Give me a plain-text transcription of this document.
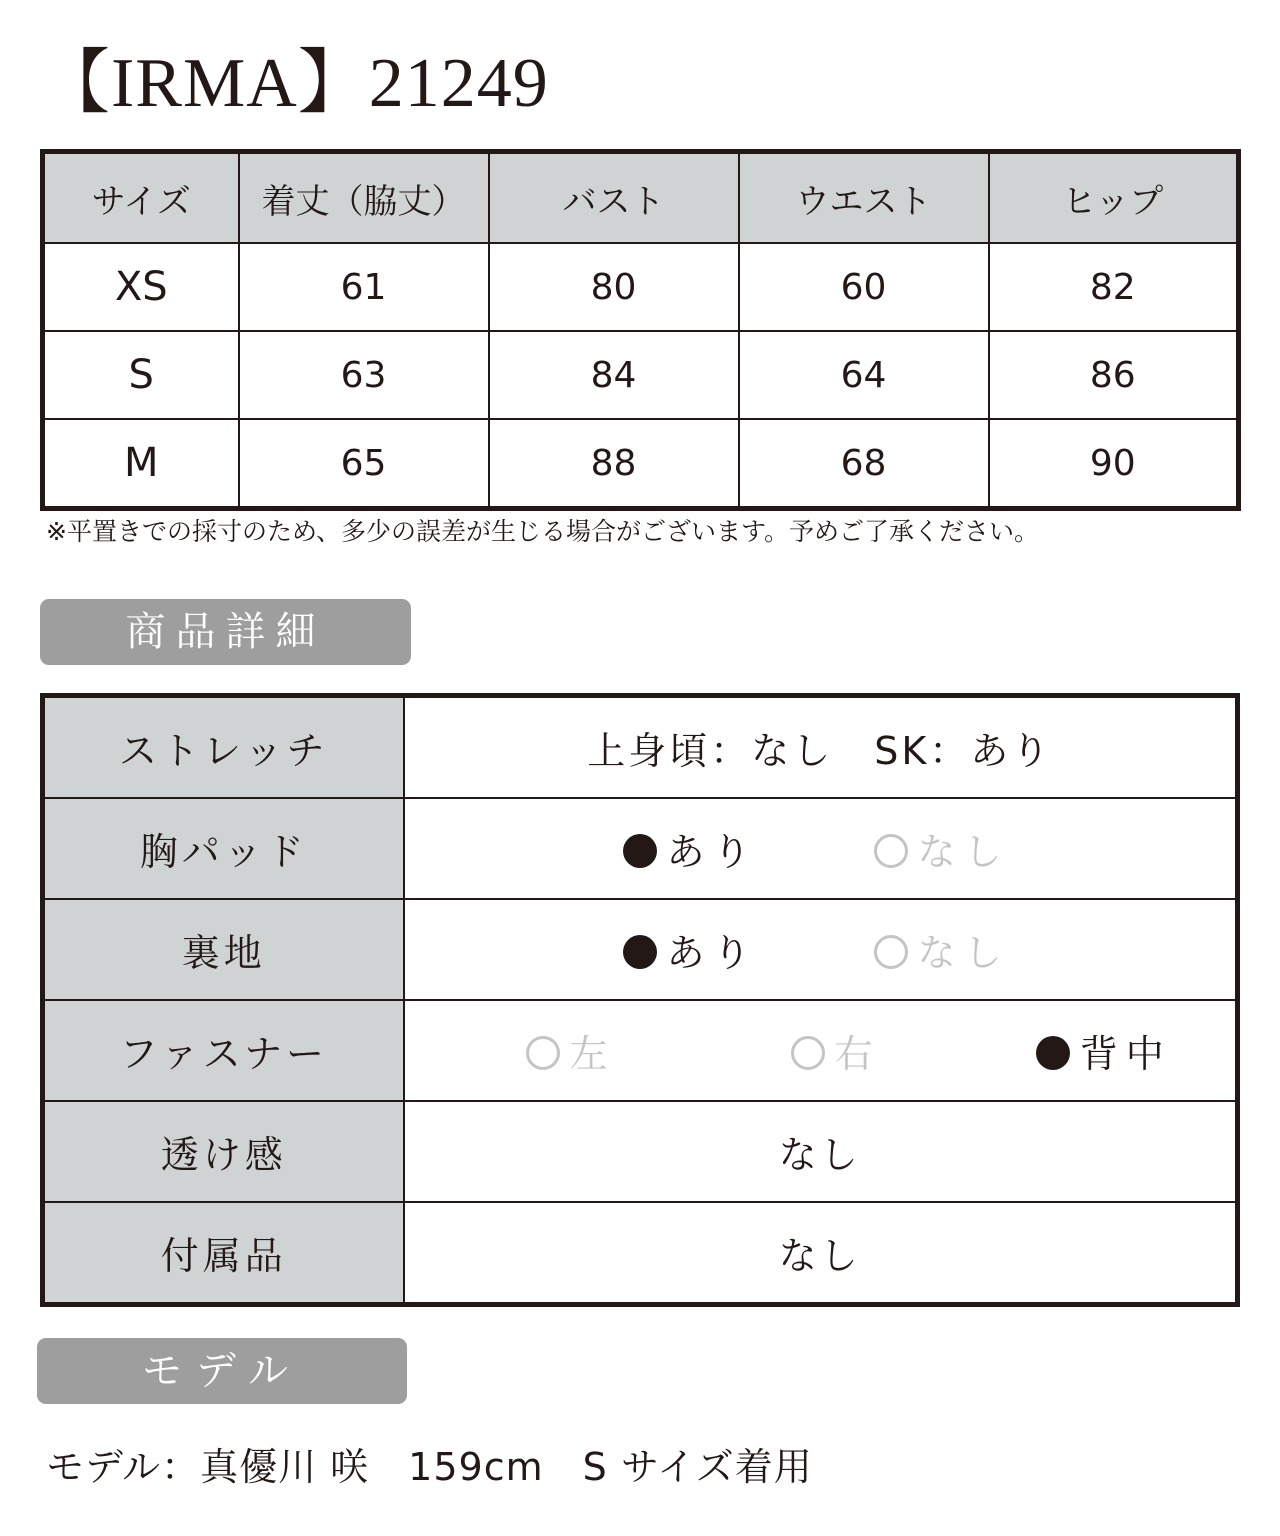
【IRMA】21249
サイズ	着丈（脇丈）	バスト	ウエスト	ヒップ
XS	61	80	60	82
S	63	84	64	86
M	65	88	68	90
※平置きでの採寸のため、多少の誤差が生じる場合がございます。予めご了承ください。
商品詳細
ストレッチ	上身頃：なし　SK：あり
胸パッド	あり なし
裏地	あり なし
ファスナー	左 右 背中
透け感	なし
付属品	なし
モデル
モデル：真優川 咲　159cm　S サイズ着用
